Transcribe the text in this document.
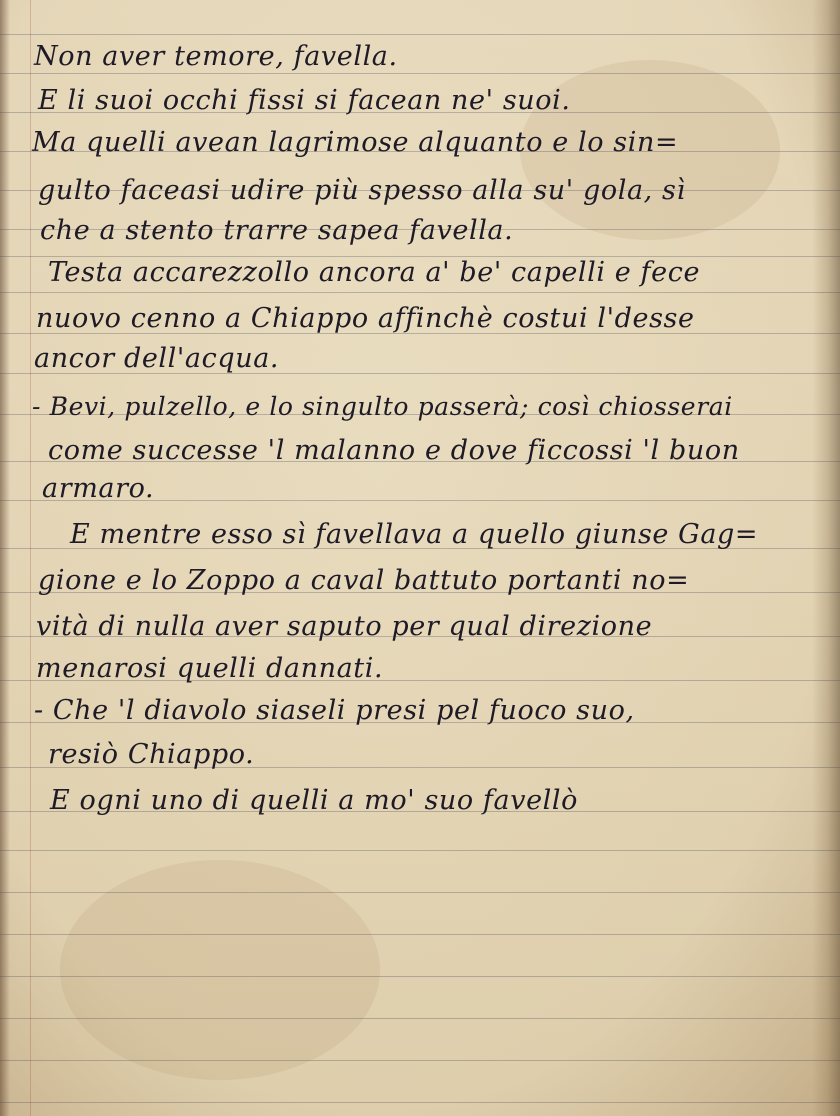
Non aver temore, favella.
E li suoi occhi fissi si facean ne' suoi.
Ma quelli avean lagrimose alquanto e lo sin=
gulto faceasi udire più spesso alla su' gola, sì
che a stento trarre sapea favella.
Testa accarezzollo ancora a' be' capelli e fece
nuovo cenno a Chiappo affinchè costui l'desse
ancor dell'acqua.
- Bevi, pulzello, e lo singulto passerà; così chiosserai
come successe 'l malanno e dove ficcossi 'l buon
armaro.
E mentre esso sì favellava a quello giunse Gag=
gione e lo Zoppo a caval battuto portanti no=
vità di nulla aver saputo per qual direzione
menarosi quelli dannati.
- Che 'l diavolo siaseli presi pel fuoco suo,
resiò Chiappo.
E ogni uno di quelli a mo' suo favellò
